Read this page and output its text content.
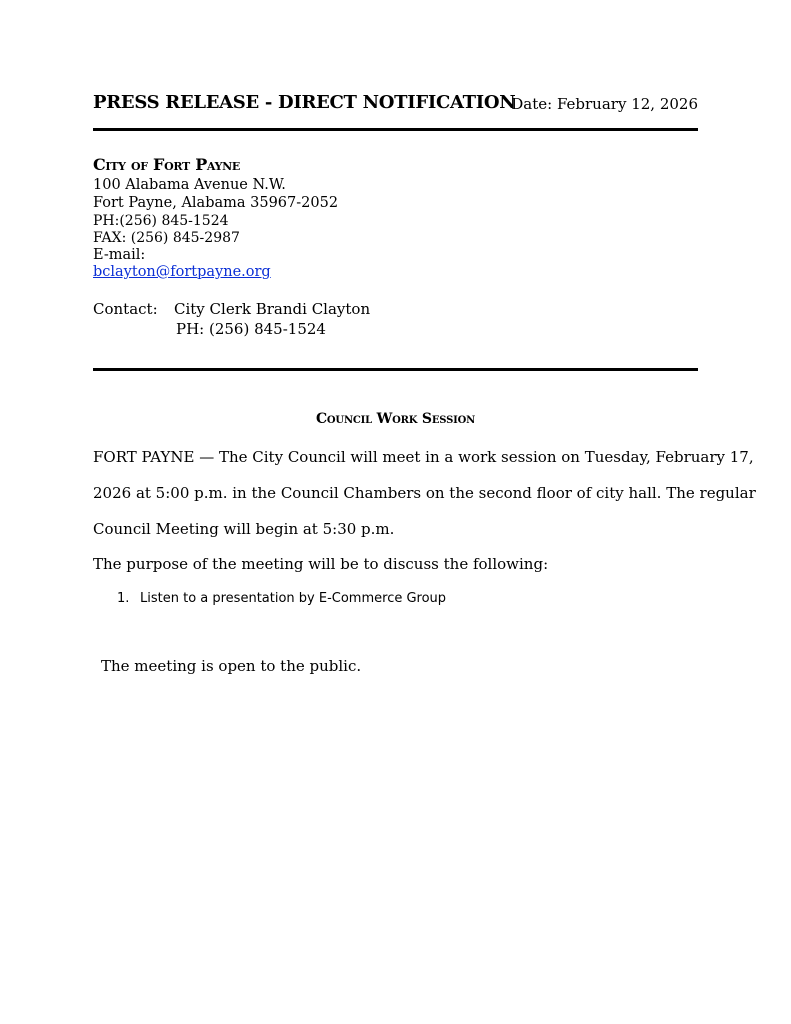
PRESS RELEASE - DIRECT NOTIFICATION
Date: February 12, 2026
City of Fort Payne
100 Alabama Avenue N.W.
Fort Payne, Alabama 35967-2052
PH:(256) 845-1524
FAX: (256) 845-2987
E-mail:
bclayton@fortpayne.org
Contact: City Clerk Brandi Clayton
PH: (256) 845-1524
Council Work Session
FORT PAYNE — The City Council will meet in a work session on Tuesday, February 17,
2026 at 5:00 p.m. in the Council Chambers on the second floor of city hall. The regular
Council Meeting will begin at 5:30 p.m.
The purpose of the meeting will be to discuss the following:
1. Listen to a presentation by E-Commerce Group
The meeting is open to the public.
